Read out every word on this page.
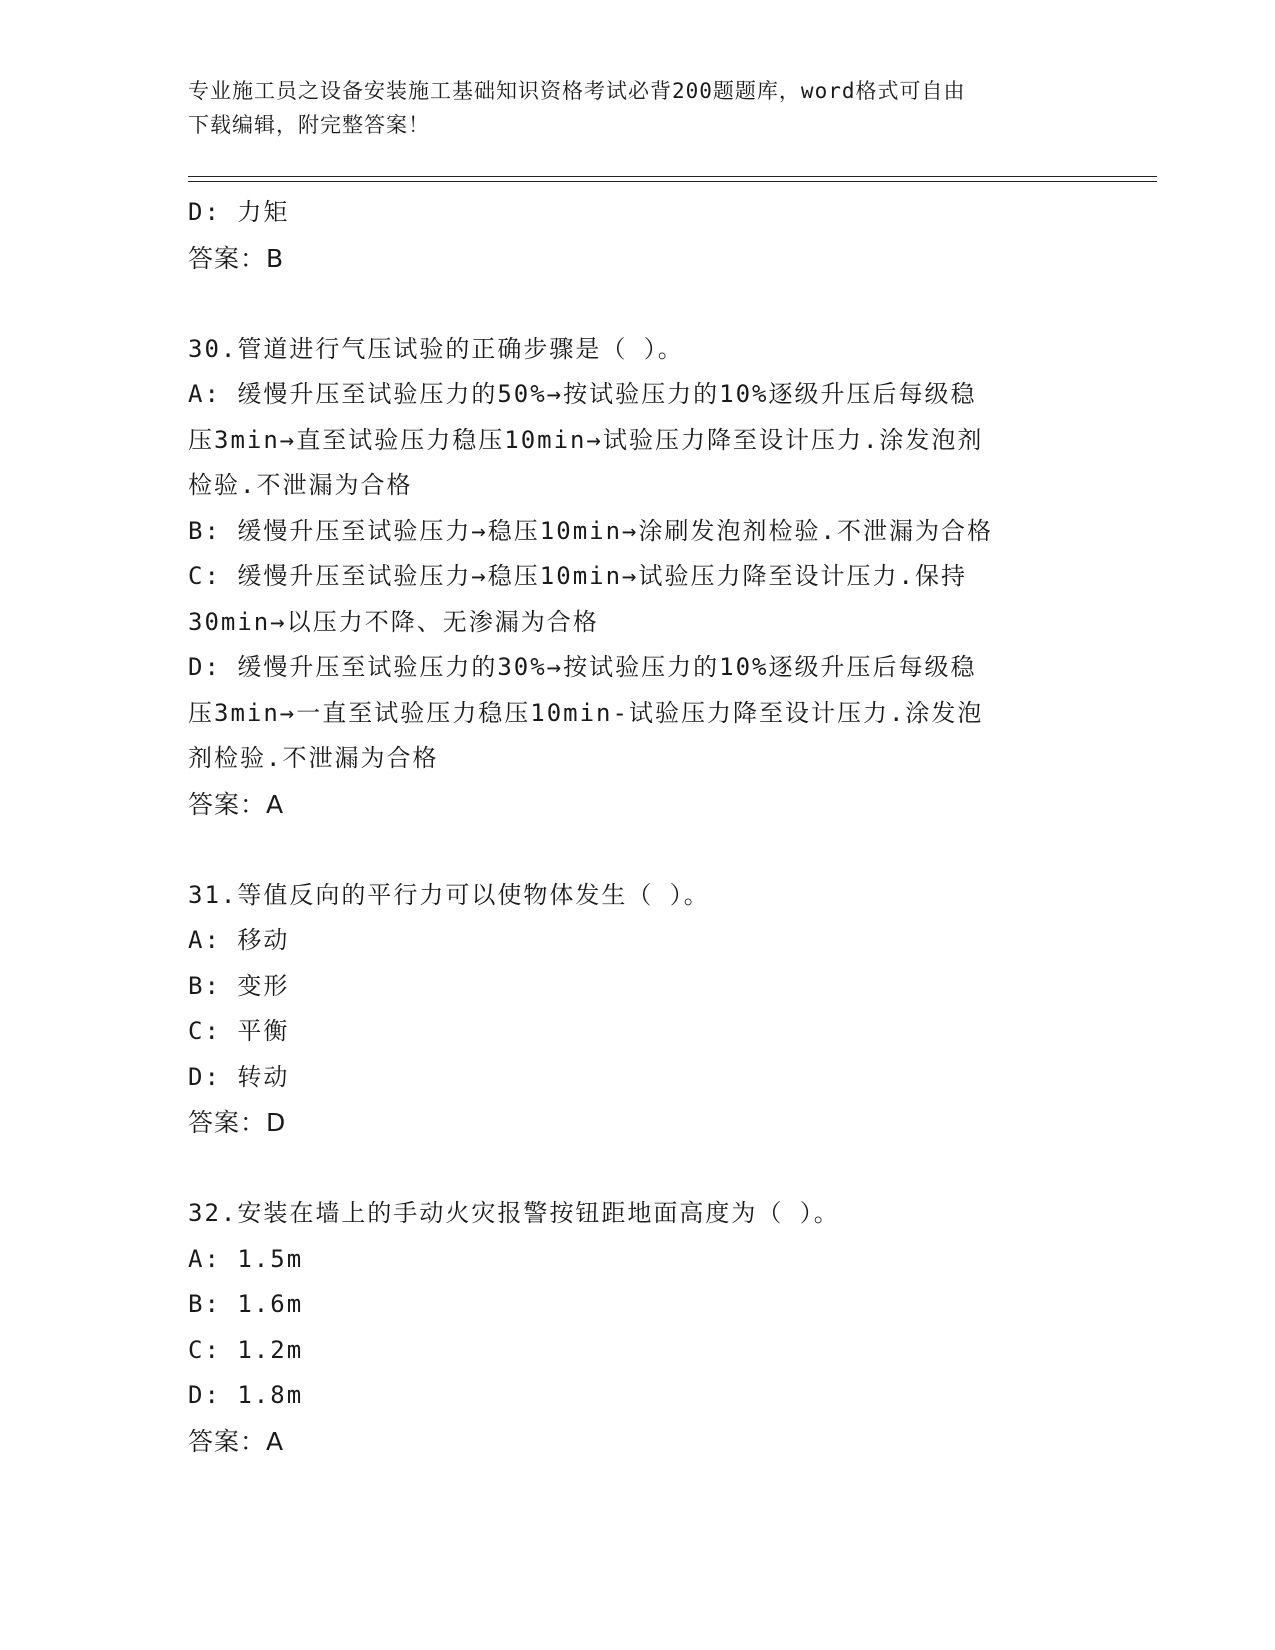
专业施工员之设备安装施工基础知识资格考试必背200题题库，word格式可自由
下载编辑，附完整答案！
D: 力矩
答案：B
30.管道进行气压试验的正确步骤是（ ）。
A: 缓慢升压至试验压力的50%→按试验压力的10%逐级升压后每级稳
压3min→直至试验压力稳压10min→试验压力降至设计压力.涂发泡剂
检验.不泄漏为合格
B: 缓慢升压至试验压力→稳压10min→涂刷发泡剂检验.不泄漏为合格
C: 缓慢升压至试验压力→稳压10min→试验压力降至设计压力.保持
30min→以压力不降、无渗漏为合格
D: 缓慢升压至试验压力的30%→按试验压力的10%逐级升压后每级稳
压3min→一直至试验压力稳压10min-试验压力降至设计压力.涂发泡
剂检验.不泄漏为合格
答案：A
31.等值反向的平行力可以使物体发生（ ）。
A: 移动
B: 变形
C: 平衡
D: 转动
答案：D
32.安装在墙上的手动火灾报警按钮距地面高度为（ ）。
A: 1.5m
B: 1.6m
C: 1.2m
D: 1.8m
答案：A
